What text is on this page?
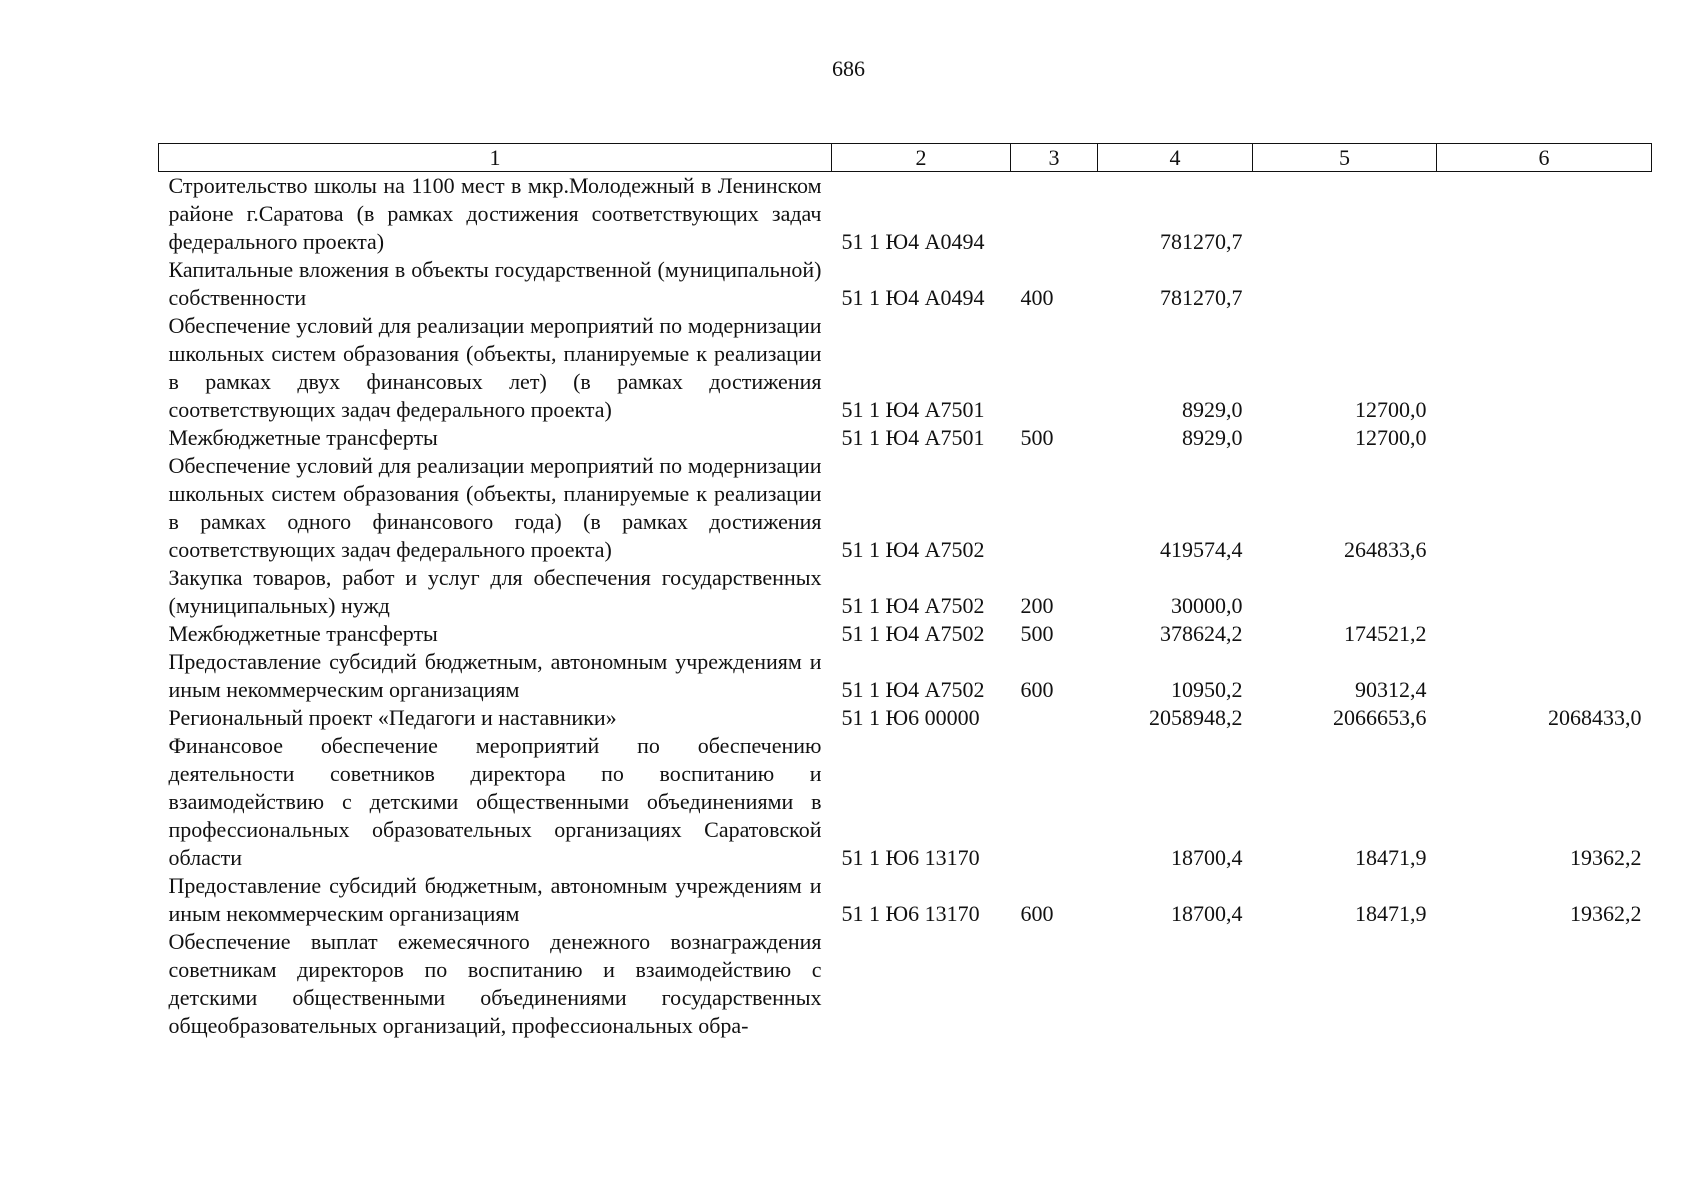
686
1	2	3	4	5	6
Строительство школы на 1100 мест в мкр.Молодежный в Ленинском районе г.Саратова (в рамках достижения соответствующих задач федерального проекта)	51 1 Ю4 А0494		781270,7		
Капитальные вложения в объекты государственной (муниципальной) собственности	51 1 Ю4 А0494	400	781270,7		
Обеспечение условий для реализации мероприятий по модернизации школьных систем образования (объекты, планируемые к реализации в рамках двух финансовых лет) (в рамках достижения соответствующих задач федерального проекта)	51 1 Ю4 А7501		8929,0	12700,0	
Межбюджетные трансферты	51 1 Ю4 А7501	500	8929,0	12700,0	
Обеспечение условий для реализации мероприятий по модернизации школьных систем образования (объекты, планируемые к реализации в рамках одного финансового года) (в рамках достижения соответствующих задач федерального проекта)	51 1 Ю4 А7502		419574,4	264833,6	
Закупка товаров, работ и услуг для обеспечения государственных (муниципальных) нужд	51 1 Ю4 А7502	200	30000,0		
Межбюджетные трансферты	51 1 Ю4 А7502	500	378624,2	174521,2	
Предоставление субсидий бюджетным, автономным учреждениям и иным некоммерческим организациям	51 1 Ю4 А7502	600	10950,2	90312,4	
Региональный проект «Педагоги и наставники»	51 1 Ю6 00000		2058948,2	2066653,6	2068433,0
Финансовое обеспечение мероприятий по обеспечению деятельности советников директора по воспитанию и взаимодействию с детскими общественными объединениями в профессиональных образовательных организациях Саратовской области	51 1 Ю6 13170		18700,4	18471,9	19362,2
Предоставление субсидий бюджетным, автономным учреждениям и иным некоммерческим организациям	51 1 Ю6 13170	600	18700,4	18471,9	19362,2
Обеспечение выплат ежемесячного денежного вознаграждения советникам директоров по воспитанию и взаимодействию с детскими общественными объединениями государственных общеобразовательных организаций, профессиональных обра-					
